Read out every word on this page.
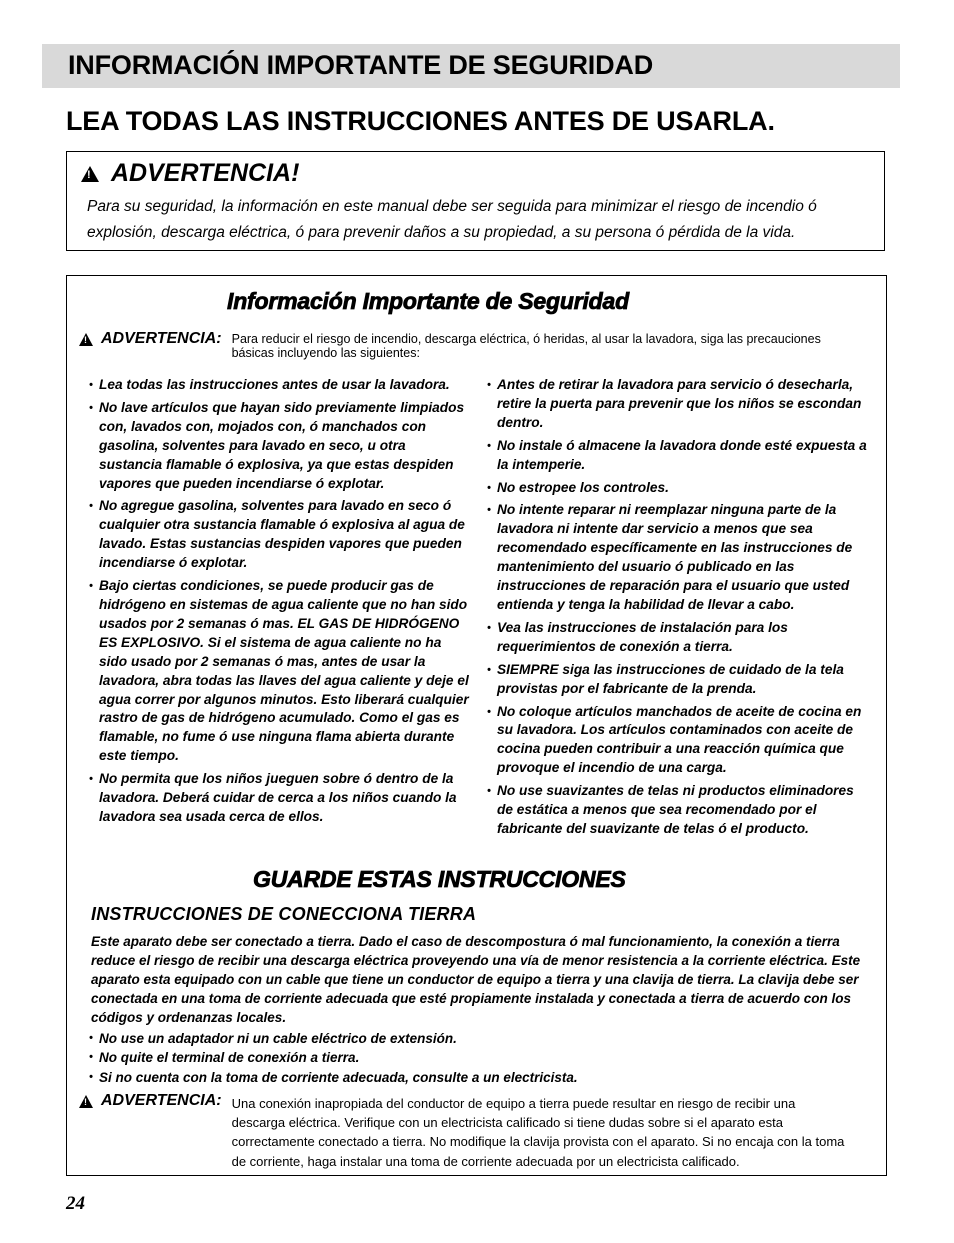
INFORMACIÓN IMPORTANTE DE SEGURIDAD
LEA TODAS LAS INSTRUCCIONES ANTES DE USARLA.
!
ADVERTENCIA!
Para su seguridad, la información en este manual debe ser seguida para minimizar el riesgo de incendio ó explosión, descarga eléctrica, ó para prevenir daños a su propiedad, a su persona ó pérdida de la vida.
Información Importante de Seguridad
!
ADVERTENCIA: Para reducir el riesgo de incendio, descarga eléctrica, ó heridas, al usar la lavadora, siga las precauciones básicas incluyendo las siguientes:
• Lea todas las instrucciones antes de usar la lavadora.
• No lave artículos que hayan sido previamente limpiados con, lavados con, mojados con, ó manchados con gasolina, solventes para lavado en seco, u otra sustancia flamable ó explosiva, ya que estas despiden vapores que pueden incendiarse ó explotar.
• No agregue gasolina, solventes para lavado en seco ó cualquier otra sustancia flamable ó explosiva al agua de lavado. Estas sustancias despiden vapores que pueden incendiarse ó explotar.
• Bajo ciertas condiciones, se puede producir gas de hidrógeno en sistemas de agua caliente que no han sido usados por 2 semanas ó mas. EL GAS DE HIDRÓGENO ES EXPLOSIVO. Si el sistema de agua caliente no ha sido usado por 2 semanas ó mas, antes de usar la lavadora, abra todas las llaves del agua caliente y deje el agua correr por algunos minutos. Esto liberará cualquier rastro de gas de hidrógeno acumulado. Como el gas es flamable, no fume ó use ninguna flama abierta durante este tiempo.
• No permita que los niños jueguen sobre ó dentro de la lavadora. Deberá cuidar de cerca a los niños cuando la lavadora sea usada cerca de ellos.
• Antes de retirar la lavadora para servicio ó desecharla, retire la puerta para prevenir que los niños se escondan dentro.
• No instale ó almacene la lavadora donde esté expuesta a la intemperie.
• No estropee los controles.
• No intente reparar ni reemplazar ninguna parte de la lavadora ni intente dar servicio a menos que sea recomendado específicamente en las instrucciones de mantenimiento del usuario ó publicado en las instrucciones de reparación para el usuario que usted entienda y tenga la habilidad de llevar a cabo.
• Vea las instrucciones de instalación para los requerimientos de conexión a tierra.
• SIEMPRE siga las instrucciones de cuidado de la tela provistas por el fabricante de la prenda.
• No coloque artículos manchados de aceite de cocina en su lavadora. Los artículos contaminados con aceite de cocina pueden contribuir a una reacción química que provoque el incendio de una carga.
• No use suavizantes de telas ni productos eliminadores de estática a menos que sea recomendado por el fabricante del suavizante de telas ó el producto.
GUARDE ESTAS INSTRUCCIONES
INSTRUCCIONES DE CONECCIONA TIERRA
Este aparato debe ser conectado a tierra. Dado el caso de descompostura ó mal funcionamiento, la conexión a tierra reduce el riesgo de recibir una descarga eléctrica proveyendo una vía de menor resistencia a la corriente eléctrica. Este aparato esta equipado con un cable que tiene un conductor de equipo a tierra y una clavija de tierra. La clavija debe ser conectada en una toma de corriente adecuada que esté propiamente instalada y conectada a tierra de acuerdo con los códigos y ordenanzas locales.
• No use un adaptador ni un cable eléctrico de extensión.
• No quite el terminal de conexión a tierra.
• Si no cuenta con la toma de corriente adecuada, consulte a un electricista.
!
ADVERTENCIA: Una conexión inapropiada del conductor de equipo a tierra puede resultar en riesgo de recibir una descarga eléctrica. Verifique con un electricista calificado si tiene dudas sobre si el aparato esta correctamente conectado a tierra. No modifique la clavija provista con el aparato. Si no encaja con la toma de corriente, haga instalar una toma de corriente adecuada por un electricista calificado.
24
